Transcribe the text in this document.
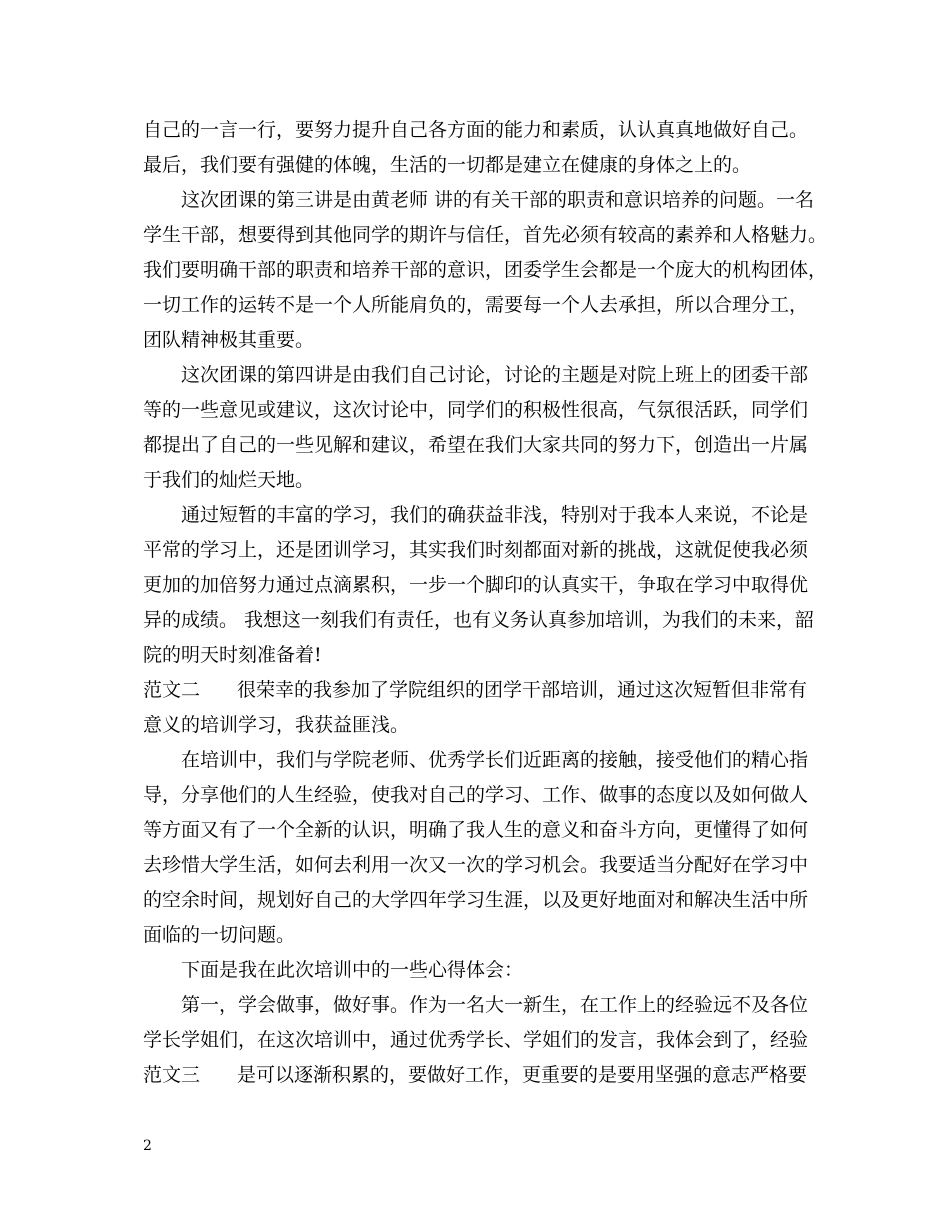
自己的一言一行，要努力提升自己各方面的能力和素质，认认真真地做好自己。
最后，我们要有强健的体魄，生活的一切都是建立在健康的身体之上的。
这次团课的第三讲是由黄老师 讲的有关干部的职责和意识培养的问题。一名
学生干部，想要得到其他同学的期许与信任，首先必须有较高的素养和人格魅力。
我们要明确干部的职责和培养干部的意识，团委学生会都是一个庞大的机构团体，
一切工作的运转不是一个人所能肩负的，需要每一个人去承担，所以合理分工，
团队精神极其重要。
这次团课的第四讲是由我们自己讨论，讨论的主题是对院上班上的团委干部
等的一些意见或建议，这次讨论中，同学们的积极性很高，气氛很活跃，同学们
都提出了自己的一些见解和建议，希望在我们大家共同的努力下，创造出一片属
于我们的灿烂天地。
通过短暂的丰富的学习，我们的确获益非浅，特别对于我本人来说，不论是
平常的学习上，还是团训学习，其实我们时刻都面对新的挑战，这就促使我必须
更加的加倍努力通过点滴累积，一步一个脚印的认真实干，争取在学习中取得优
异的成绩。 我想这一刻我们有责任，也有义务认真参加培训，为我们的未来，韶
院的明天时刻准备着!
范文二 很荣幸的我参加了学院组织的团学干部培训，通过这次短暂但非常有
意义的培训学习，我获益匪浅。
在培训中，我们与学院老师、优秀学长们近距离的接触，接受他们的精心指
导，分享他们的人生经验，使我对自己的学习、工作、做事的态度以及如何做人
等方面又有了一个全新的认识，明确了我人生的意义和奋斗方向，更懂得了如何
去珍惜大学生活，如何去利用一次又一次的学习机会。我要适当分配好在学习中
的空余时间，规划好自己的大学四年学习生涯，以及更好地面对和解决生活中所
面临的一切问题。
下面是我在此次培训中的一些心得体会：
第一，学会做事，做好事。作为一名大一新生，在工作上的经验远不及各位
学长学姐们，在这次培训中，通过优秀学长、学姐们的发言，我体会到了，经验
范文三 是可以逐渐积累的，要做好工作，更重要的是要用坚强的意志严格要
2
